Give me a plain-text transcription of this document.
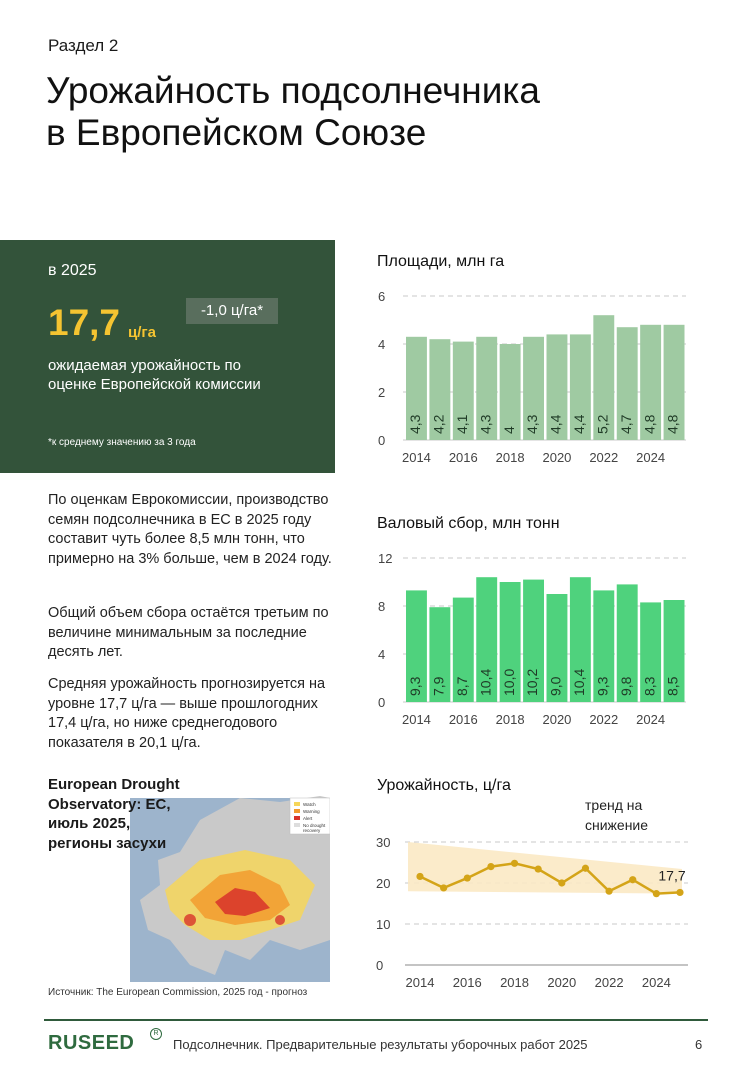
Раздел 2
Урожайность подсолнечника
в Европейском Союзе
в 2025
17,7 ц/га
-1,0 ц/га*
ожидаемая урожайность по оценке Европейской комиссии
*к среднему значению за 3 года
По оценкам Еврокомиссии, производство семян подсолнечника в ЕС в 2025 году составит чуть более 8,5 млн тонн, что примерно на 3% больше, чем в 2024 году.
Общий объем сбора остаётся третьим по величине минимальным за последние десять лет.
Средняя урожайность прогнозируется на уровне 17,7 ц/га — выше прошлогодних 17,4 ц/га, но ниже среднегодового показателя в 20,1 ц/га.
Watch
Warning
Alert
No drought
recovery
European Drought Observatory: ЕС, июль 2025, регионы засухи
Источник: The European Commission, 2025 год - прогноз
Площади, млн га
4,3 4,2 4,1 4,3 4 4,3 4,4 4,4 5,2 4,7 4,8 4,8
0
2
4
6
2014 2016 2018 2020 2022 2024
Валовый сбор, млн тонн
9,3 7,9 8,7 10,4 10,0 10,2 9,0 10,4 9,3 9,8 8,3 8,5
0
4
8
12
2014 2016 2018 2020 2022 2024
Урожайность, ц/га
тренд на снижение
17,7
0
10
20
30
2014 2016 2018 2020 2022 2024
RUSEED	R
Подсолнечник. Предварительные результаты уборочных работ 2025	6
